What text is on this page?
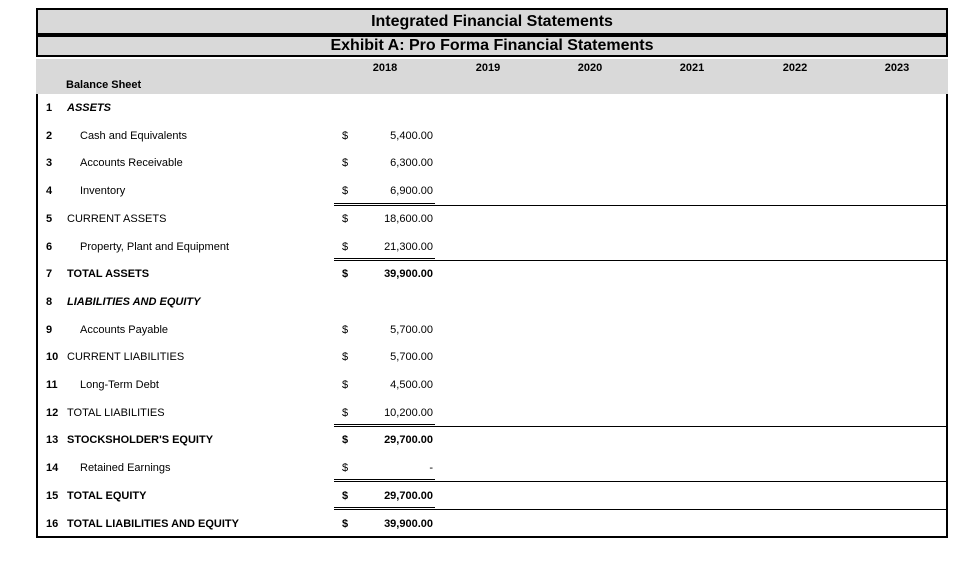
Integrated Financial Statements
Exhibit A: Pro Forma Financial Statements
2018	2019	2020	2021	2022	2023
Balance Sheet
1 ASSETS
2	Cash and Equivalents	$	5,400.00
3	Accounts Receivable	$	6,300.00
4	Inventory	$	6,900.00
5 CURRENT ASSETS	$	18,600.00
6	Property, Plant and Equipment	$	21,300.00
7 TOTAL ASSETS	$	39,900.00
8 LIABILITIES AND EQUITY
9	Accounts Payable	$	5,700.00
10 CURRENT LIABILITIES	$	5,700.00
11 Long-Term Debt	$	4,500.00
12 TOTAL LIABILITIES	$	10,200.00
13 STOCKSHOLDER'S EQUITY	$	29,700.00
14 Retained Earnings	$	-
15 TOTAL EQUITY	$	29,700.00
16 TOTAL LIABILITIES AND EQUITY	$	39,900.00
